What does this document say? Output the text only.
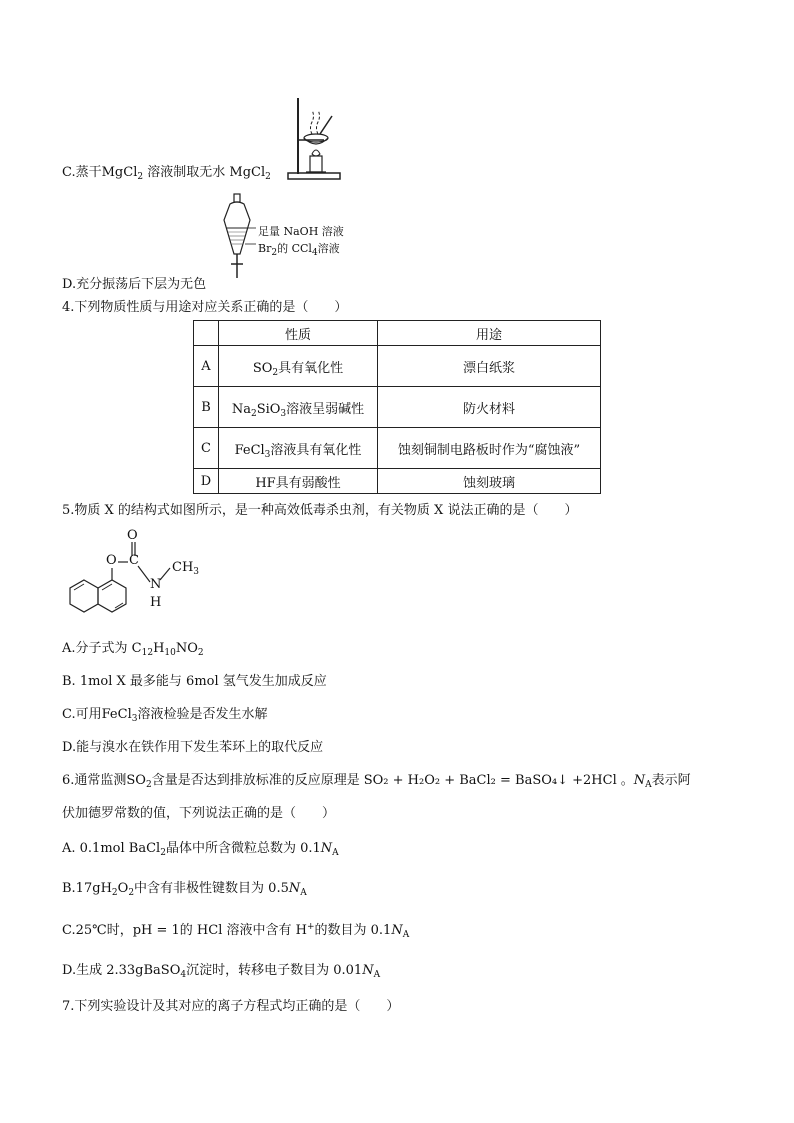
C.蒸干MgCl$_2$ 溶液制取无水 MgCl$_2$
足量 NaOH 溶液
$Br_2$的 CCl$_4$溶液
D.充分振荡后下层为无色
4.下列物质性质与用途对应关系正确的是（　　）
	性质	用途
A	$SO_2$具有氧化性	漂白纸浆
B	$Na_2SiO_3$溶液呈弱碱性	防火材料
C	FeCl$_3$溶液具有氧化性	蚀刻铜制电路板时作为“腐蚀液”
D	HF具有弱酸性	蚀刻玻璃
5.物质 X 的结构式如图所示，是一种高效低毒杀虫剂，有关物质 X 说法正确的是（　　）
O
O C
N
H
$CH_3$
A.分子式为 $C_{12}H_{10}NO_2$
B. 1mol X 最多能与 6mol 氢气发生加成反应
C.可用FeCl$_3$溶液检验是否发生水解
D.能与溴水在铁作用下发生苯环上的取代反应
6.通常监测$SO_2$含量是否达到排放标准的反应原理是 SO₂ + H₂O₂ + BaCl₂ = BaSO₄↓ +2HCl 。$N_A$表示阿
伏加德罗常数的值，下列说法正确的是（　　）
A. 0.1mol BaCl$_2$晶体中所含微粒总数为 $0.1N_A$
$B.17gH_2O_2$中含有非极性键数目为 $0.5N_A$
C.25℃时，pH = 1的 HCl 溶液中含有 H+的数目为 $0.1N_A$
D.生成 2.33gBaSO$_4$沉淀时，转移电子数目为 $0.01N_A$
7.下列实验设计及其对应的离子方程式均正确的是（　　）
